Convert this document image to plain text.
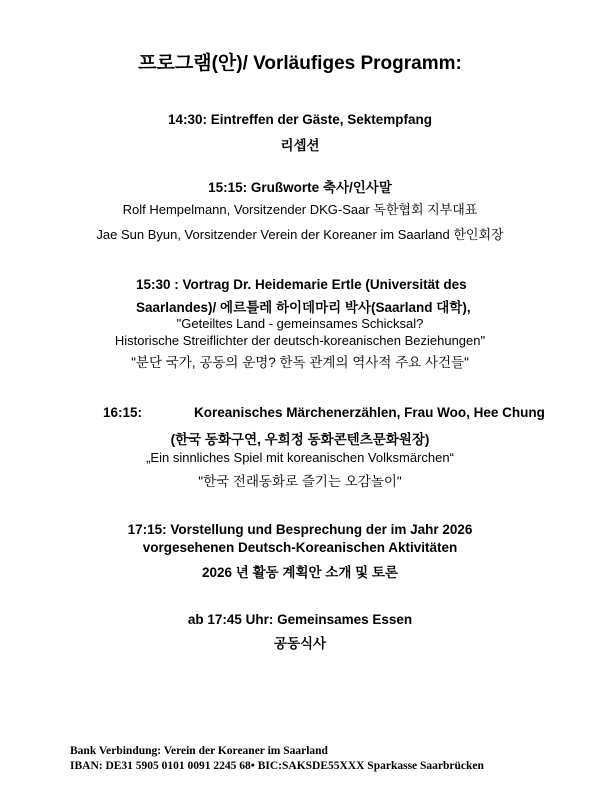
프로그램(안)/ Vorläufiges Programm:
14:30: Eintreffen der Gäste, Sektempfang
리셉션
15:15: Grußworte 축사/인사말
Rolf Hempelmann, Vorsitzender DKG-Saar 독한협회 지부대표
Jae Sun Byun, Vorsitzender Verein der Koreaner im Saarland 한인회장
15:30 : Vortrag Dr. Heidemarie Ertle (Universität des
Saarlandes)/ 에르틀레 하이데마리 박사(Saarland 대학),
"Geteiltes Land - gemeinsames Schicksal?
Historische Streiflichter der deutsch-koreanischen Beziehungen"
"분단 국가, 공동의 운명? 한독 관계의 역사적 주요 사건들"
16:15:	Koreanisches Märchenerzählen, Frau Woo, Hee Chung
(한국 동화구연, 우희정 동화콘텐츠문화원장)
„Ein sinnliches Spiel mit koreanischen Volksmärchen“
"한국 전래동화로 즐기는 오감놀이"
17:15: Vorstellung und Besprechung der im Jahr 2026
vorgesehenen Deutsch-Koreanischen Aktivitäten
2026 년 활동 계획안 소개 및 토론
ab 17:45 Uhr: Gemeinsames Essen
공동식사
Bank Verbindung: Verein der Koreaner im Saarland
IBAN: DE31 5905 0101 0091 2245 68• BIC:SAKSDE55XXX Sparkasse Saarbrücken
